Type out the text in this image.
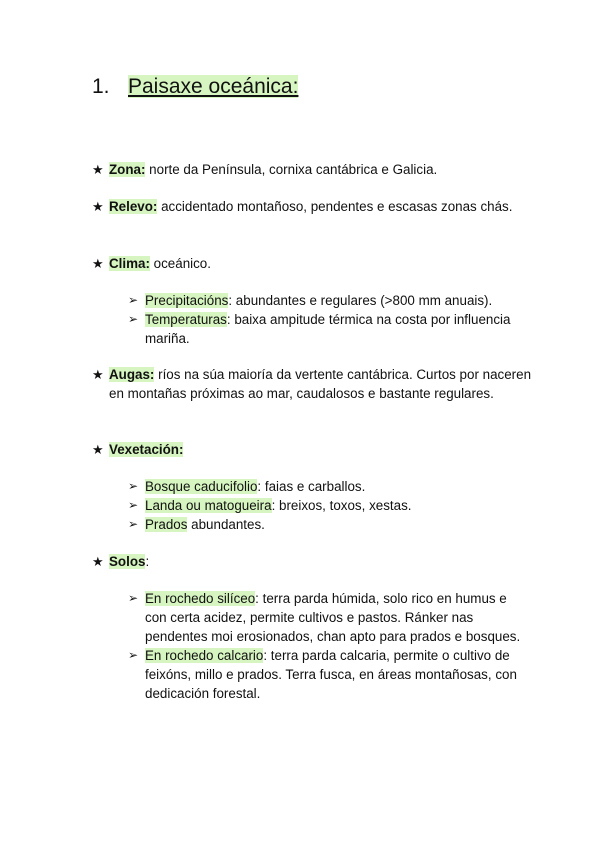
1. Paisaxe oceánica:
★ Zona: norte da Península, cornixa cantábrica e Galicia.
★ Relevo: accidentado montañoso, pendentes e escasas zonas chás.
★ Clima: oceánico.
➢ Precipitacións: abundantes e regulares (>800 mm anuais).
➢ Temperaturas: baixa ampitude térmica na costa por influencia mariña.
★ Augas: ríos na súa maioría da vertente cantábrica. Curtos por naceren en montañas próximas ao mar, caudalosos e bastante regulares.
★ Vexetación:
➢ Bosque caducifolio: faias e carballos.
➢ Landa ou matogueira: breixos, toxos, xestas.
➢ Prados abundantes.
★ Solos:
➢ En rochedo silíceo: terra parda húmida, solo rico en humus e con certa acidez, permite cultivos e pastos. Ránker nas pendentes moi erosionados, chan apto para prados e bosques.
➢ En rochedo calcario: terra parda calcaria, permite o cultivo de feixóns, millo e prados. Terra fusca, en áreas montañosas, con dedicación forestal.
